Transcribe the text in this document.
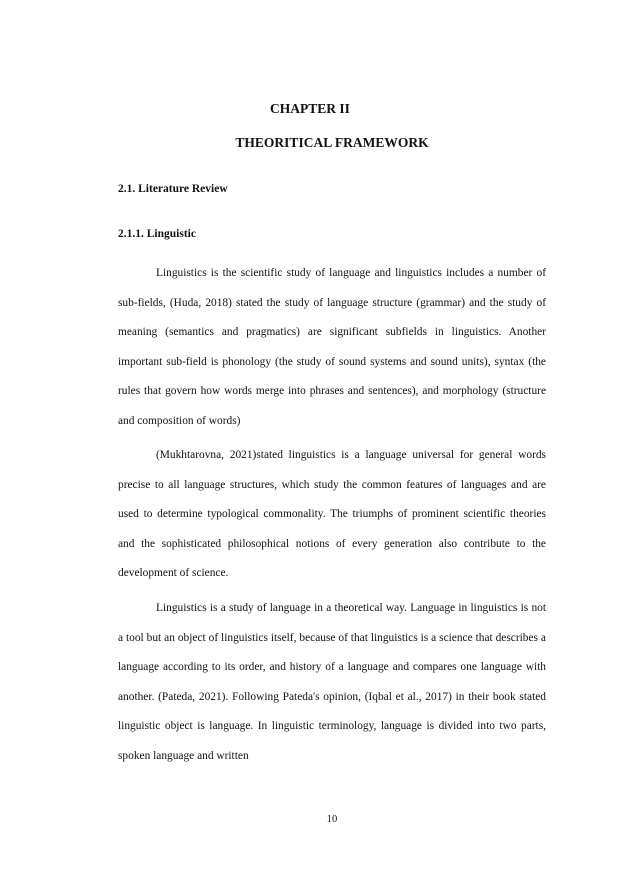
CHAPTER II
THEORITICAL FRAMEWORK
2.1. Literature Review
2.1.1. Linguistic

Linguistics is the scientific study of language and linguistics includes a number of sub-fields, (Huda, 2018) stated the study of language structure (grammar) and the study of meaning (semantics and pragmatics) are significant subfields in linguistics. Another important sub-field is phonology (the study of sound systems and sound units), syntax (the rules that govern how words merge into phrases and sentences), and morphology (structure and composition of words)

(Mukhtarovna, 2021)stated linguistics is a language universal for general words precise to all language structures, which study the common features of languages and are used to determine typological commonality. The triumphs of prominent scientific theories and the sophisticated philosophical notions of every generation also contribute to the development of science.

Linguistics is a study of language in a theoretical way. Language in linguistics is not a tool but an object of linguistics itself, because of that linguistics is a science that describes a language according to its order, and history of a language and compares one language with another. (Pateda, 2021). Following Pateda's opinion, (Iqbal et al., 2017) in their book stated linguistic object is language. In linguistic terminology, language is divided into two parts, spoken language and written

10
